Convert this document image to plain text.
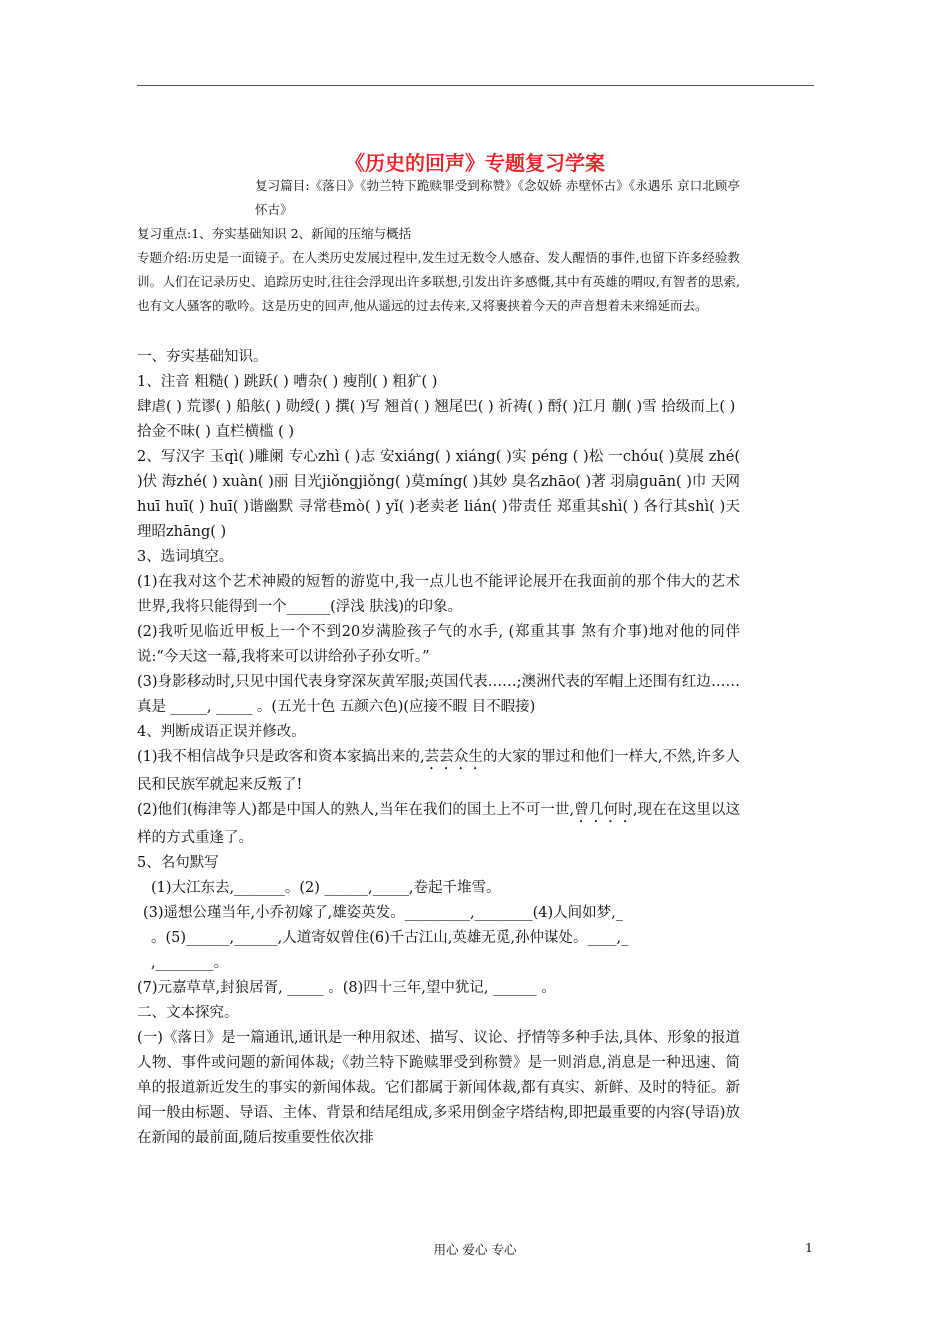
《历史的回声》专题复习学案

复习篇目:《落日》《勃兰特下跪赎罪受到称赞》《念奴娇 赤壁怀古》《永遇乐 京口北顾亭怀古》

复习重点:1、夯实基础知识 2、新闻的压缩与概括

专题介绍:历史是一面镜子。在人类历史发展过程中,发生过无数令人感奋、发人醒悟的事件,也留下许多经验教训。人们在记录历史、追踪历史时,往往会浮现出许多联想,引发出许多感慨,其中有英雄的喟叹,有智者的思索,也有文人骚客的歌吟。这是历史的回声,他从遥远的过去传来,又将裹挟着今天的声音想着未来绵延而去。

一、夯实基础知识。

1、注音 粗糙( ) 跳跃( ) 嘈杂( ) 瘦削( ) 粗犷( )

肆虐( ) 荒谬( ) 船舷( ) 勋绶( ) 撰( )写 翘首( ) 翘尾巴( ) 祈祷( ) 酹( )江月 蒯( )雪 拾级而上( )

拾金不昧( ) 直栏横槛 ( )

2、写汉字 玉qì( )雕阑 专心zhì ( )志 安xiáng( ) xiáng( )实 péng ( )松 一chóu( )莫展 zhé( )伏 海zhé( ) xuàn( )丽 目光jiǒngjiǒng( )莫míng( )其妙 臭名zhāo( )著 羽扇guān( )巾 天网huī huī( ) huī( )谐幽默 寻常巷mò( ) yǐ( )老卖老 lián( )带责任 郑重其shì( ) 各行其shì( )天理昭zhāng( )

3、选词填空。

(1)在我对这个艺术神殿的短暂的游览中,我一点儿也不能评论展开在我面前的那个伟大的艺术世界,我将只能得到一个______(浮浅 肤浅)的印象。

(2)我听见临近甲板上一个不到20岁满脸孩子气的水手, (郑重其事 煞有介事)地对他的同伴说:“今天这一幕,我将来可以讲给孙子孙女听。”

(3)身影移动时,只见中国代表身穿深灰黄军服;英国代表……;澳洲代表的军帽上还围有红边……真是 _____, _____ 。(五光十色 五颜六色)(应接不暇 目不暇接)

4、判断成语正误并修改。

(1)我不相信战争只是政客和资本家搞出来的,芸芸众生的大家的罪过和他们一样大,不然,许多人民和民族军就起来反叛了!

(2)他们(梅津等人)都是中国人的熟人,当年在我们的国土上不可一世,曾几何时,现在在这里以这样的方式重逢了。

5、名句默写

(1)大江东去,_______。(2) ______,_____,卷起千堆雪。

(3)遥想公瑾当年,小乔初嫁了,雄姿英发。_________,________(4)人间如梦,_

。(5)______,______,人道寄奴曾住(6)千古江山,英雄无觅,孙仲谋处。____,_

,________。

(7)元嘉草草,封狼居胥, _____ 。(8)四十三年,望中犹记, ______ 。

二、文本探究。

(一)《落日》是一篇通讯,通讯是一种用叙述、描写、议论、抒情等多种手法,具体、形象的报道人物、事件或问题的新闻体裁;《勃兰特下跪赎罪受到称赞》是一则消息,消息是一种迅速、简单的报道新近发生的事实的新闻体裁。它们都属于新闻体裁,都有真实、新鲜、及时的特征。新闻一般由标题、导语、主体、背景和结尾组成,多采用倒金字塔结构,即把最重要的内容(导语)放在新闻的最前面,随后按重要性依次排

用心 爱心 专心	1
